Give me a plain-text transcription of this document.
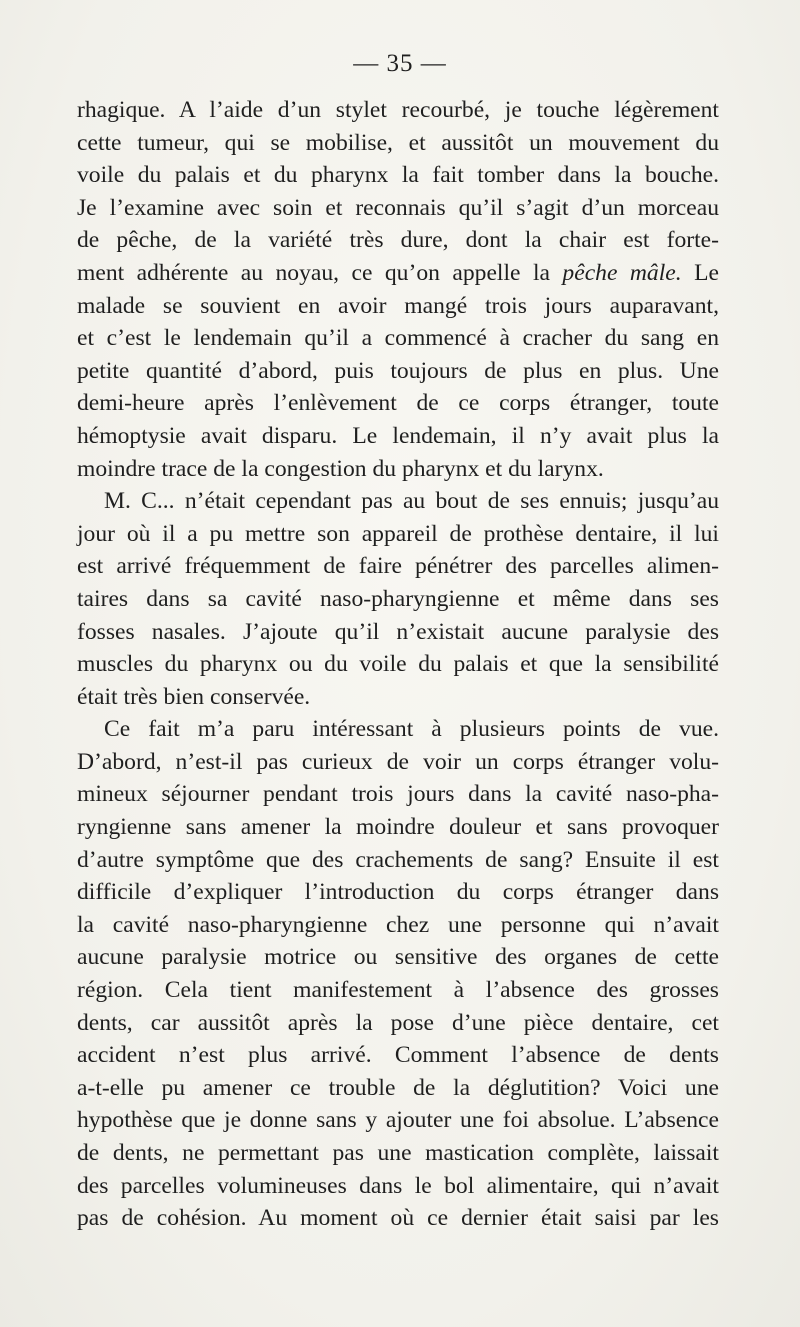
— 35 —
rhagique. A l’aide d’un stylet recourbé, je touche légèrement
cette tumeur, qui se mobilise, et aussitôt un mouvement du
voile du palais et du pharynx la fait tomber dans la bouche.
Je l’examine avec soin et reconnais qu’il s’agit d’un morceau
de pêche, de la variété très dure, dont la chair est forte-
ment adhérente au noyau, ce qu’on appelle la pêche mâle. Le
malade se souvient en avoir mangé trois jours auparavant,
et c’est le lendemain qu’il a commencé à cracher du sang en
petite quantité d’abord, puis toujours de plus en plus. Une
demi-heure après l’enlèvement de ce corps étranger, toute
hémoptysie avait disparu. Le lendemain, il n’y avait plus la
moindre trace de la congestion du pharynx et du larynx.
M. C... n’était cependant pas au bout de ses ennuis; jusqu’au
jour où il a pu mettre son appareil de prothèse dentaire, il lui
est arrivé fréquemment de faire pénétrer des parcelles alimen-
taires dans sa cavité naso-pharyngienne et même dans ses
fosses nasales. J’ajoute qu’il n’existait aucune paralysie des
muscles du pharynx ou du voile du palais et que la sensibilité
était très bien conservée.
Ce fait m’a paru intéressant à plusieurs points de vue.
D’abord, n’est-il pas curieux de voir un corps étranger volu-
mineux séjourner pendant trois jours dans la cavité naso-pha-
ryngienne sans amener la moindre douleur et sans provoquer
d’autre symptôme que des crachements de sang? Ensuite il est
difficile d’expliquer l’introduction du corps étranger dans
la cavité naso-pharyngienne chez une personne qui n’avait
aucune paralysie motrice ou sensitive des organes de cette
région. Cela tient manifestement à l’absence des grosses
dents, car aussitôt après la pose d’une pièce dentaire, cet
accident n’est plus arrivé. Comment l’absence de dents
a-t-elle pu amener ce trouble de la déglutition? Voici une
hypothèse que je donne sans y ajouter une foi absolue. L’absence
de dents, ne permettant pas une mastication complète, laissait
des parcelles volumineuses dans le bol alimentaire, qui n’avait
pas de cohésion. Au moment où ce dernier était saisi par les
